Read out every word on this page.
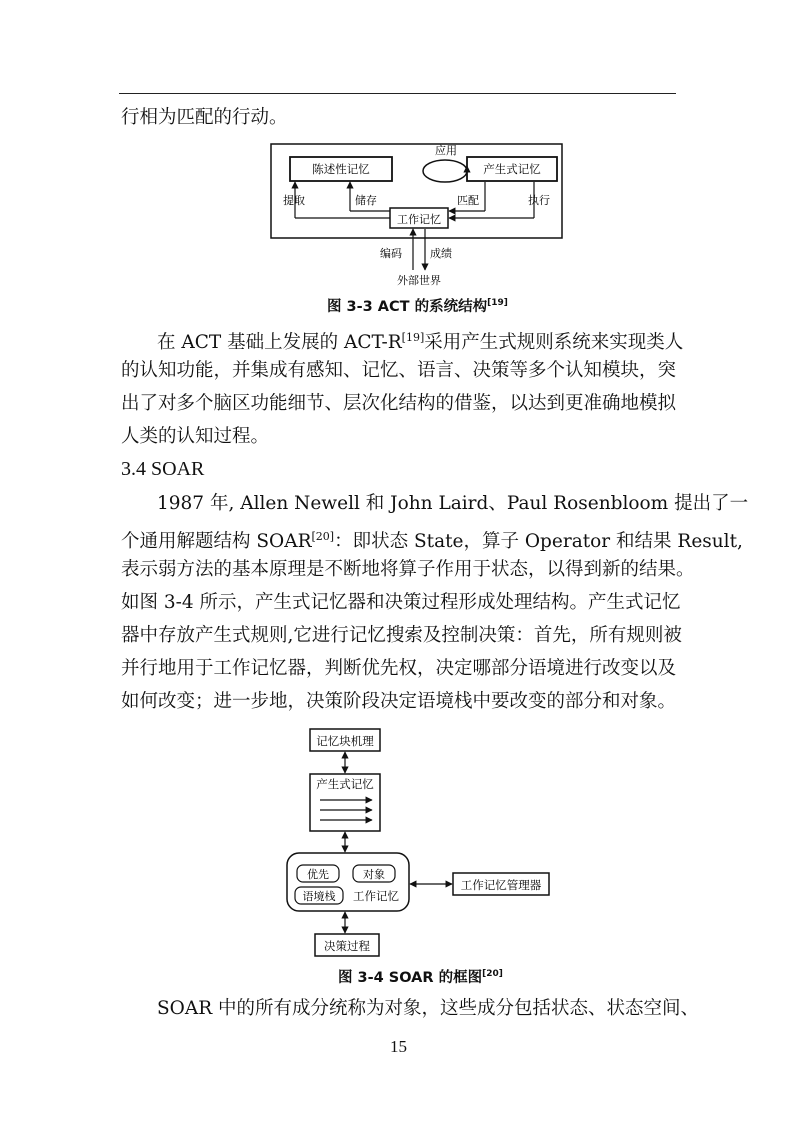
行相为匹配的行动。
陈述性记忆	产生式记忆
应用
工作记忆
提取	储存	匹配	执行
编码	成绩
外部世界
图 3-3 ACT 的系统结构[19]
在 ACT 基础上发展的 ACT-R[19]采用产生式规则系统来实现类人
的认知功能，并集成有感知、记忆、语言、决策等多个认知模块，突
出了对多个脑区功能细节、层次化结构的借鉴，以达到更准确地模拟
人类的认知过程。
3.4 SOAR
1987 年, Allen Newell 和 John Laird、Paul Rosenbloom 提出了一
个通用解题结构 SOAR[20]：即状态 State，算子 Operator 和结果 Result,
表示弱方法的基本原理是不断地将算子作用于状态，以得到新的结果。
如图 3-4 所示，产生式记忆器和决策过程形成处理结构。产生式记忆
器中存放产生式规则,它进行记忆搜索及控制决策：首先，所有规则被
并行地用于工作记忆器，判断优先权，决定哪部分语境进行改变以及
如何改变；进一步地，决策阶段决定语境栈中要改变的部分和对象。
记忆块机理
产生式记忆
优先	对象
语境栈 工作记忆
工作记忆管理器
决策过程
图 3-4 SOAR 的框图[20]
SOAR 中的所有成分统称为对象，这些成分包括状态、状态空间、
15
